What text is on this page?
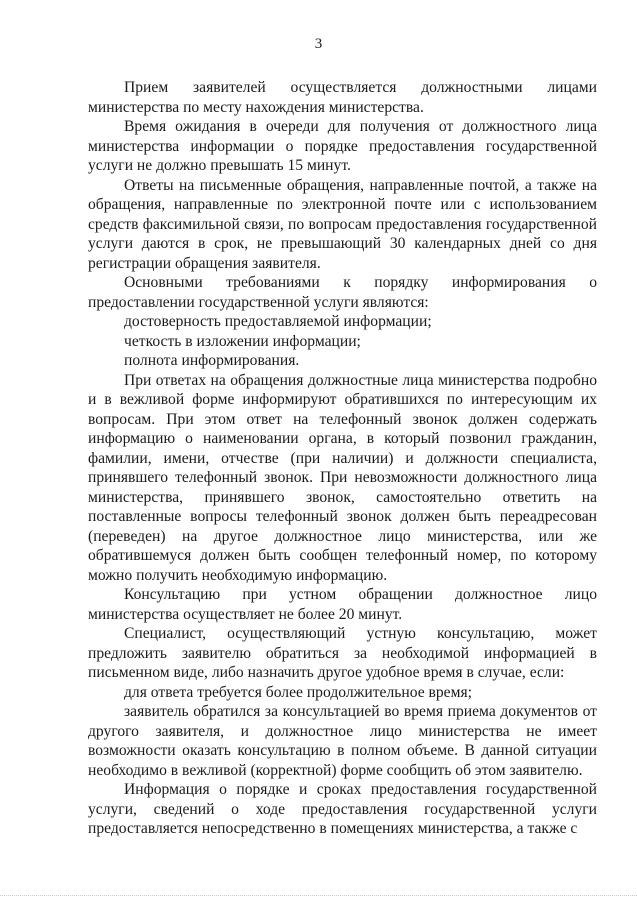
3

Прием заявителей осуществляется должностными лицами министерства по месту нахождения министерства.

Время ожидания в очереди для получения от должностного лица министерства информации о порядке предоставления государственной услуги не должно превышать 15 минут.

Ответы на письменные обращения, направленные почтой, а также на обращения, направленные по электронной почте или с использованием средств факсимильной связи, по вопросам предоставления государственной услуги даются в срок, не превышающий 30 календарных дней со дня регистрации обращения заявителя.

Основными требованиями к порядку информирования о предоставлении государственной услуги являются:

достоверность предоставляемой информации;

четкость в изложении информации;

полнота информирования.

При ответах на обращения должностные лица министерства подробно и в вежливой форме информируют обратившихся по интересующим их вопросам. При этом ответ на телефонный звонок должен содержать информацию о наименовании органа, в который позвонил гражданин, фамилии, имени, отчестве (при наличии) и должности специалиста, принявшего телефонный звонок. При невозможности должностного лица министерства, принявшего звонок, самостоятельно ответить на поставленные вопросы телефонный звонок должен быть переадресован (переведен) на другое должностное лицо министерства, или же обратившемуся должен быть сообщен телефонный номер, по которому можно получить необходимую информацию.

Консультацию при устном обращении должностное лицо министерства осуществляет не более 20 минут.

Специалист, осуществляющий устную консультацию, может предложить заявителю обратиться за необходимой информацией в письменном виде, либо назначить другое удобное время в случае, если:

для ответа требуется более продолжительное время;

заявитель обратился за консультацией во время приема документов от другого заявителя, и должностное лицо министерства не имеет возможности оказать консультацию в полном объеме. В данной ситуации необходимо в вежливой (корректной) форме сообщить об этом заявителю.

Информация о порядке и сроках предоставления государственной услуги, сведений о ходе предоставления государственной услуги предоставляется непосредственно в помещениях министерства, а также с
